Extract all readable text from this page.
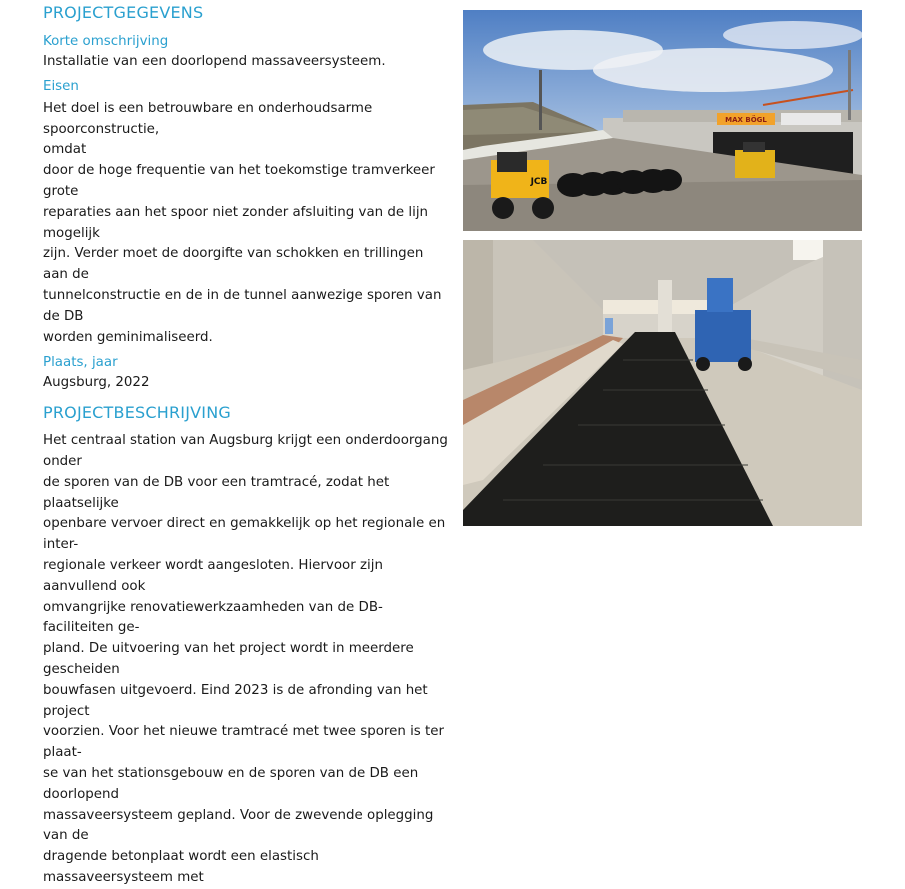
PROJECTGEGEVENS
Korte omschrijving
Installatie van een doorlopend massaveersysteem.
Eisen
Het doel is een betrouwbare en onderhoudsarme spoorconstructie,
omdat
door de hoge frequentie van het toekomstige tramverkeer grote
reparaties aan het spoor niet zonder afsluiting van de lijn mogelijk
zijn. Verder moet de doorgifte van schokken en trillingen aan de
tunnelconstructie en de in de tunnel aanwezige sporen van de DB
worden geminimaliseerd.
Plaats, jaar
Augsburg, 2022
PROJECTBESCHRIJVING
Het centraal station van Augsburg krijgt een onderdoorgang onder
de sporen van de DB voor een tramtracé, zodat het plaatselijke
openbare vervoer direct en gemakkelijk op het regionale en inter-
regionale verkeer wordt aangesloten. Hiervoor zijn aanvullend ook
omvangrijke renovatiewerkzaamheden van de DB-faciliteiten ge-
pland. De uitvoering van het project wordt in meerdere gescheiden
bouwfasen uitgevoerd. Eind 2023 is de afronding van het project
voorzien. Voor het nieuwe tramtracé met twee sporen is ter plaat-
se van het stationsgebouw en de sporen van de DB een doorlopend
massaveersysteem gepland. Voor de zwevende oplegging van de
dragende betonplaat wordt een elastisch massaveersysteem met
MAX BÖGL
JCB
